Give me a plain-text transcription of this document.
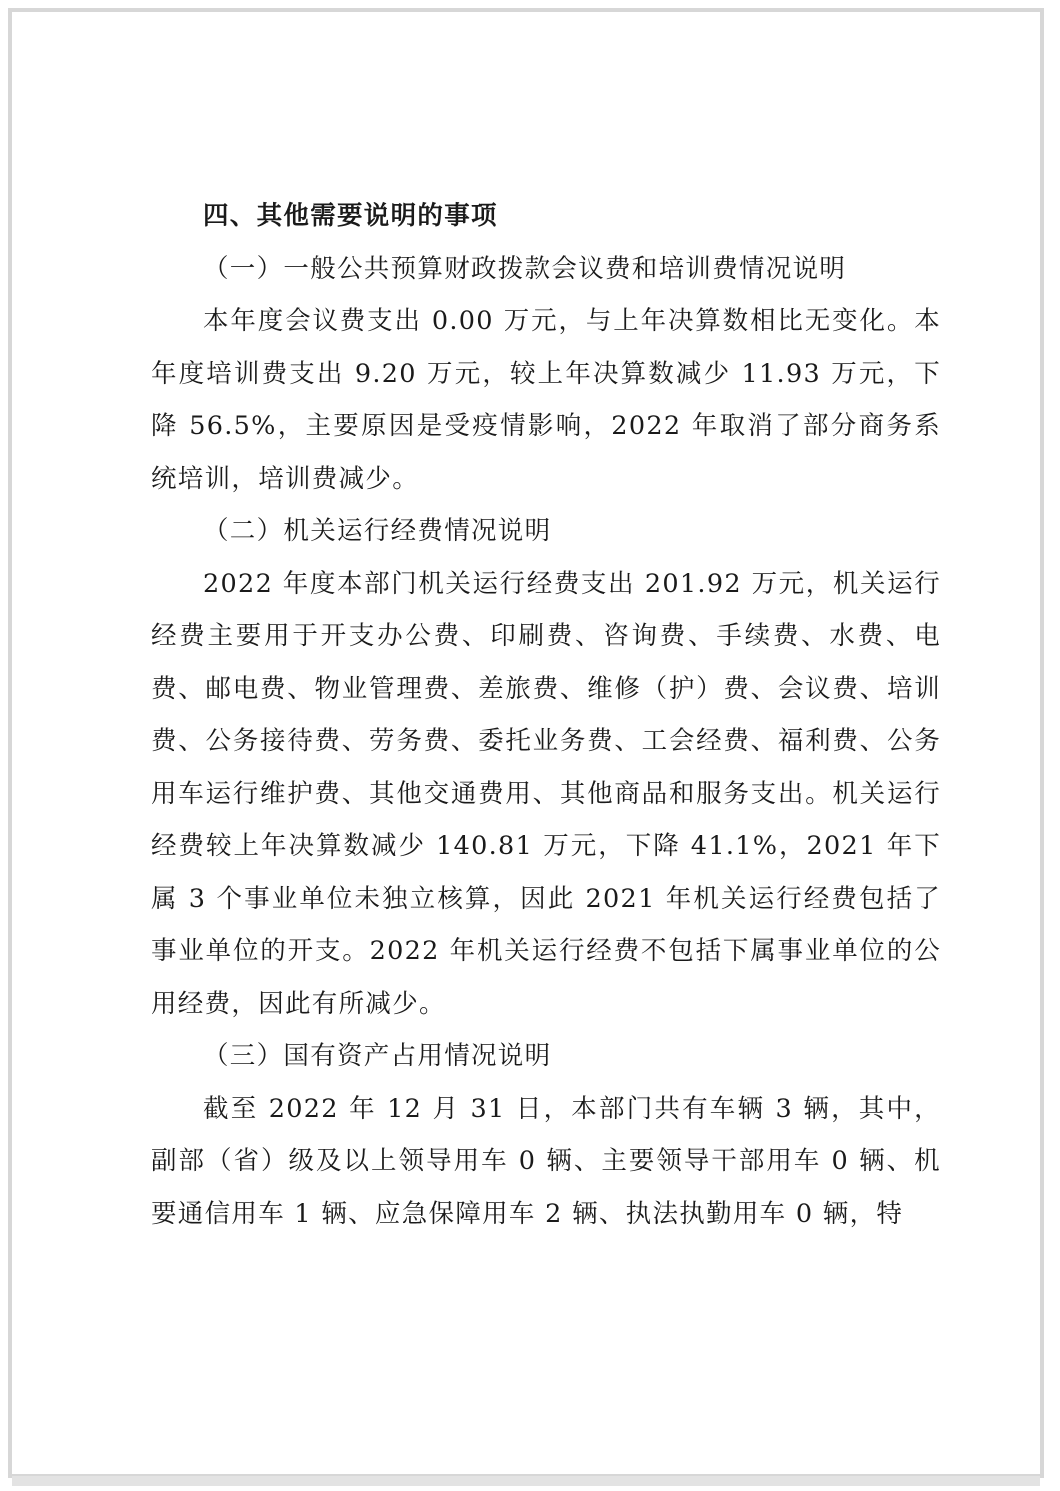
四、其他需要说明的事项

（一）一般公共预算财政拨款会议费和培训费情况说明

本年度会议费支出 0.00 万元，与上年决算数相比无变化。本年度培训费支出 9.20 万元，较上年决算数减少 11.93 万元，下降 56.5%，主要原因是受疫情影响，2022 年取消了部分商务系统培训，培训费减少。

（二）机关运行经费情况说明

2022 年度本部门机关运行经费支出 201.92 万元，机关运行经费主要用于开支办公费、印刷费、咨询费、手续费、水费、电费、邮电费、物业管理费、差旅费、维修（护）费、会议费、培训费、公务接待费、劳务费、委托业务费、工会经费、福利费、公务用车运行维护费、其他交通费用、其他商品和服务支出。机关运行经费较上年决算数减少 140.81 万元，下降 41.1%，2021 年下属 3 个事业单位未独立核算，因此 2021 年机关运行经费包括了事业单位的开支。2022 年机关运行经费不包括下属事业单位的公用经费，因此有所减少。

（三）国有资产占用情况说明

截至 2022 年 12 月 31 日，本部门共有车辆 3 辆，其中，副部（省）级及以上领导用车 0 辆、主要领导干部用车 0 辆、机要通信用车 1 辆、应急保障用车 2 辆、执法执勤用车 0 辆，特
